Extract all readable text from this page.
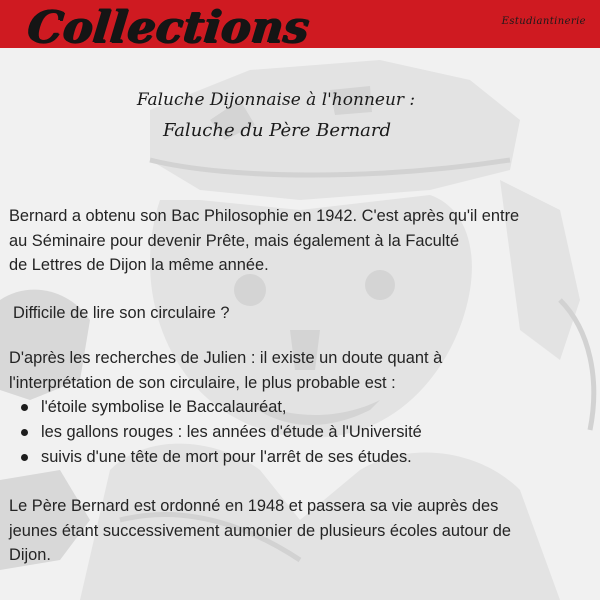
Collections	Estudiantinerie
Faluche Dijonnaise à l'honneur :
Faluche du Père Bernard
Bernard a obtenu son Bac Philosophie en 1942. C'est après qu'il entre
au Séminaire pour devenir Prête, mais également à la Faculté
de Lettres de Dijon la même année.
Difficile de lire son circulaire ?
D'après les recherches de Julien : il existe un doute quant à
l'interprétation de son circulaire, le plus probable est :
l'étoile symbolise le Baccalauréat,
les gallons rouges : les années d'étude à l'Université
suivis d'une tête de mort pour l'arrêt de ses études.
Le Père Bernard est ordonné en 1948 et passera sa vie auprès des
jeunes étant successivement aumonier de plusieurs écoles autour de
Dijon.
